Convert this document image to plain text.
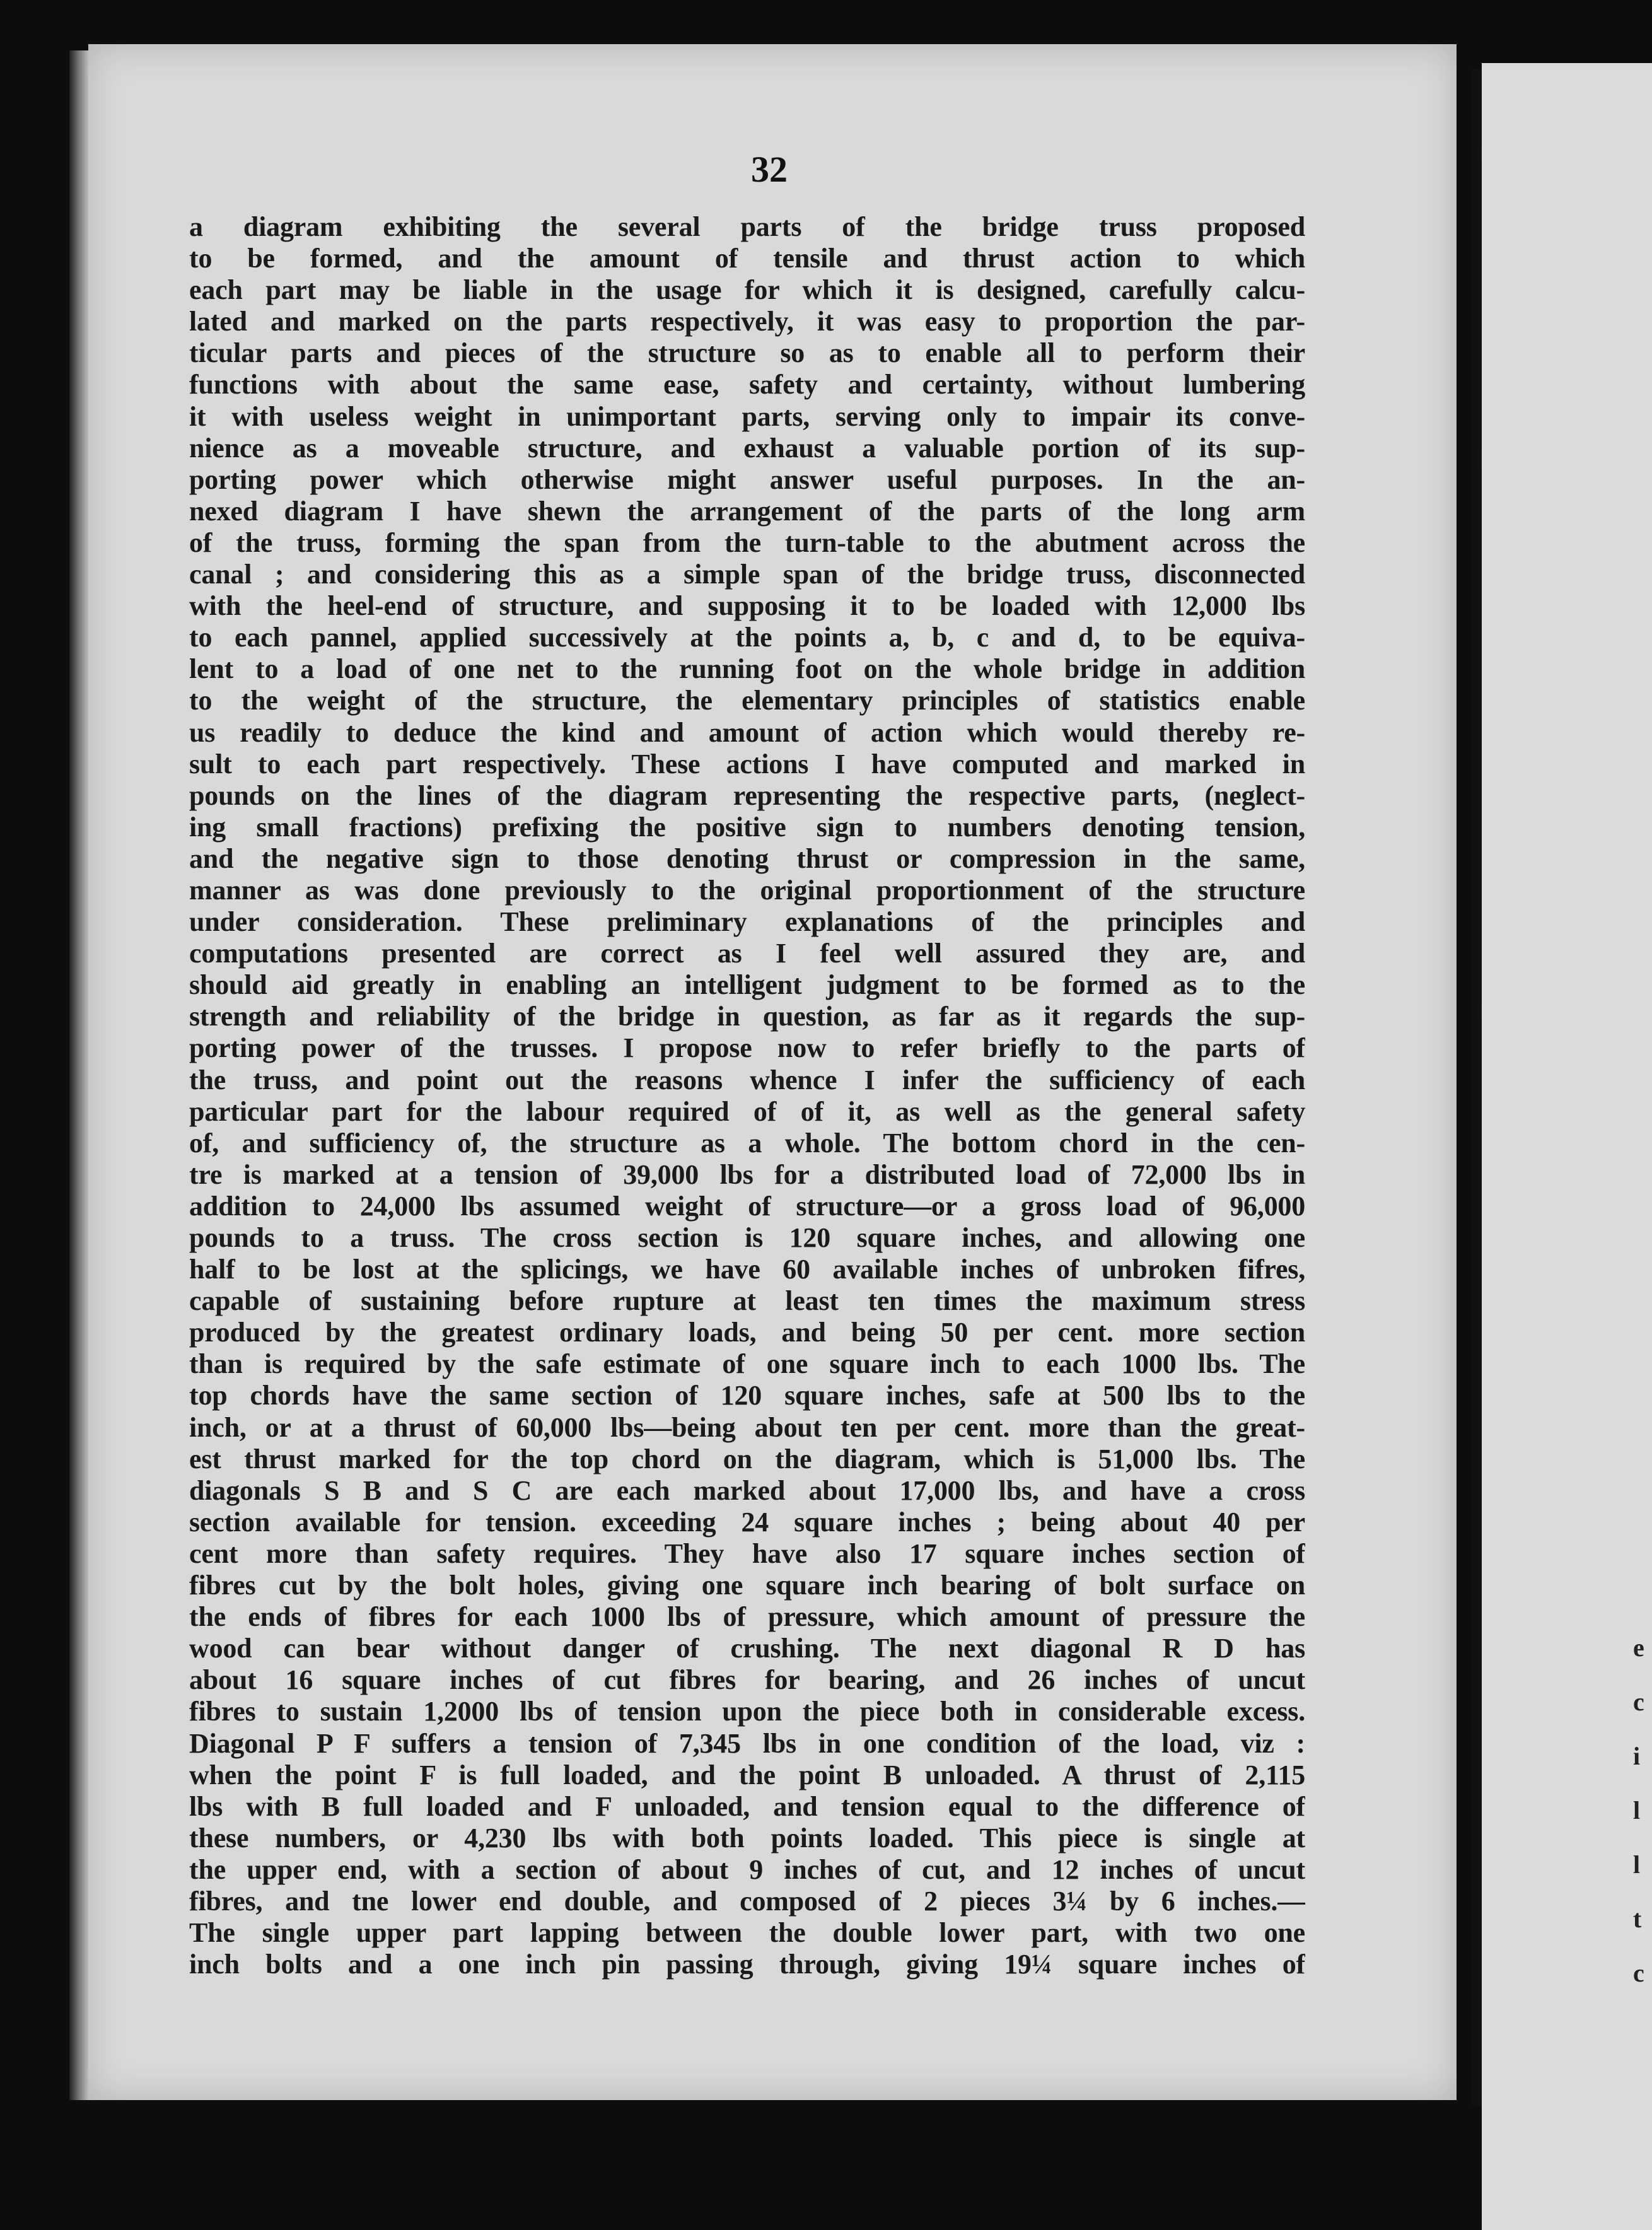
e
c
i
l
l
t
c
32
a diagram exhibiting the several parts of the bridge truss proposed
to be formed, and the amount of tensile and thrust action to which
each part may be liable in the usage for which it is designed, carefully calcu-
lated and marked on the parts respectively, it was easy to proportion the par-
ticular parts and pieces of the structure so as to enable all to perform their
functions with about the same ease, safety and certainty, without lumbering
it with useless weight in unimportant parts, serving only to impair its conve-
nience as a moveable structure, and exhaust a valuable portion of its sup-
porting power which otherwise might answer useful purposes. In the an-
nexed diagram I have shewn the arrangement of the parts of the long arm
of the truss, forming the span from the turn-table to the abutment across the
canal ; and considering this as a simple span of the bridge truss, disconnected
with the heel-end of structure, and supposing it to be loaded with 12,000 lbs
to each pannel, applied successively at the points a, b, c and d, to be equiva-
lent to a load of one net to the running foot on the whole bridge in addition
to the weight of the structure, the elementary principles of statistics enable
us readily to deduce the kind and amount of action which would thereby re-
sult to each part respectively. These actions I have computed and marked in
pounds on the lines of the diagram representing the respective parts, (neglect-
ing small fractions) prefixing the positive sign to numbers denoting tension,
and the negative sign to those denoting thrust or compression in the same,
manner as was done previously to the original proportionment of the structure
under consideration. These preliminary explanations of the principles and
computations presented are correct as I feel well assured they are, and
should aid greatly in enabling an intelligent judgment to be formed as to the
strength and reliability of the bridge in question, as far as it regards the sup-
porting power of the trusses. I propose now to refer briefly to the parts of
the truss, and point out the reasons whence I infer the sufficiency of each
particular part for the labour required of of it, as well as the general safety
of, and sufficiency of, the structure as a whole. The bottom chord in the cen-
tre is marked at a tension of 39,000 lbs for a distributed load of 72,000 lbs in
addition to 24,000 lbs assumed weight of structure—or a gross load of 96,000
pounds to a truss. The cross section is 120 square inches, and allowing one
half to be lost at the splicings, we have 60 available inches of unbroken fifres,
capable of sustaining before rupture at least ten times the maximum stress
produced by the greatest ordinary loads, and being 50 per cent. more section
than is required by the safe estimate of one square inch to each 1000 lbs. The
top chords have the same section of 120 square inches, safe at 500 lbs to the
inch, or at a thrust of 60,000 lbs—being about ten per cent. more than the great-
est thrust marked for the top chord on the diagram, which is 51,000 lbs. The
diagonals S B and S C are each marked about 17,000 lbs, and have a cross
section available for tension. exceeding 24 square inches ; being about 40 per
cent more than safety requires. They have also 17 square inches section of
fibres cut by the bolt holes, giving one square inch bearing of bolt surface on
the ends of fibres for each 1000 lbs of pressure, which amount of pressure the
wood can bear without danger of crushing. The next diagonal R D has
about 16 square inches of cut fibres for bearing, and 26 inches of uncut
fibres to sustain 1,2000 lbs of tension upon the piece both in considerable excess.
Diagonal P F suffers a tension of 7,345 lbs in one condition of the load, viz :
when the point F is full loaded, and the point B unloaded. A thrust of 2,115
lbs with B full loaded and F unloaded, and tension equal to the difference of
these numbers, or 4,230 lbs with both points loaded. This piece is single at
the upper end, with a section of about 9 inches of cut, and 12 inches of uncut
fibres, and tne lower end double, and composed of 2 pieces 3¼ by 6 inches.—
The single upper part lapping between the double lower part, with two one
inch bolts and a one inch pin passing through, giving 19¼ square inches of
